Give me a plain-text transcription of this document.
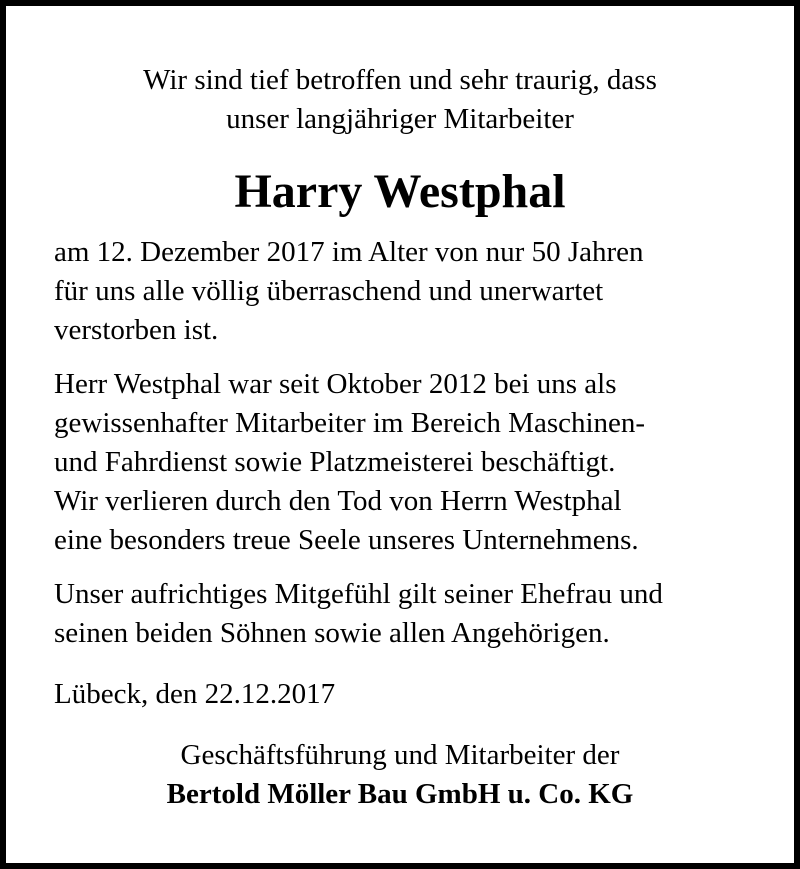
Wir sind tief betroffen und sehr traurig, dass
unser langjähriger Mitarbeiter
Harry Westphal
am 12. Dezember 2017 im Alter von nur 50 Jahren
für uns alle völlig überraschend und unerwartet
verstorben ist.
Herr Westphal war seit Oktober 2012 bei uns als
gewissenhafter Mitarbeiter im Bereich Maschinen-
und Fahrdienst sowie Platzmeisterei beschäftigt.
Wir verlieren durch den Tod von Herrn Westphal
eine besonders treue Seele unseres Unternehmens.
Unser aufrichtiges Mitgefühl gilt seiner Ehefrau und
seinen beiden Söhnen sowie allen Angehörigen.
Lübeck, den 22.12.2017
Geschäftsführung und Mitarbeiter der
Bertold Möller Bau GmbH u. Co. KG
